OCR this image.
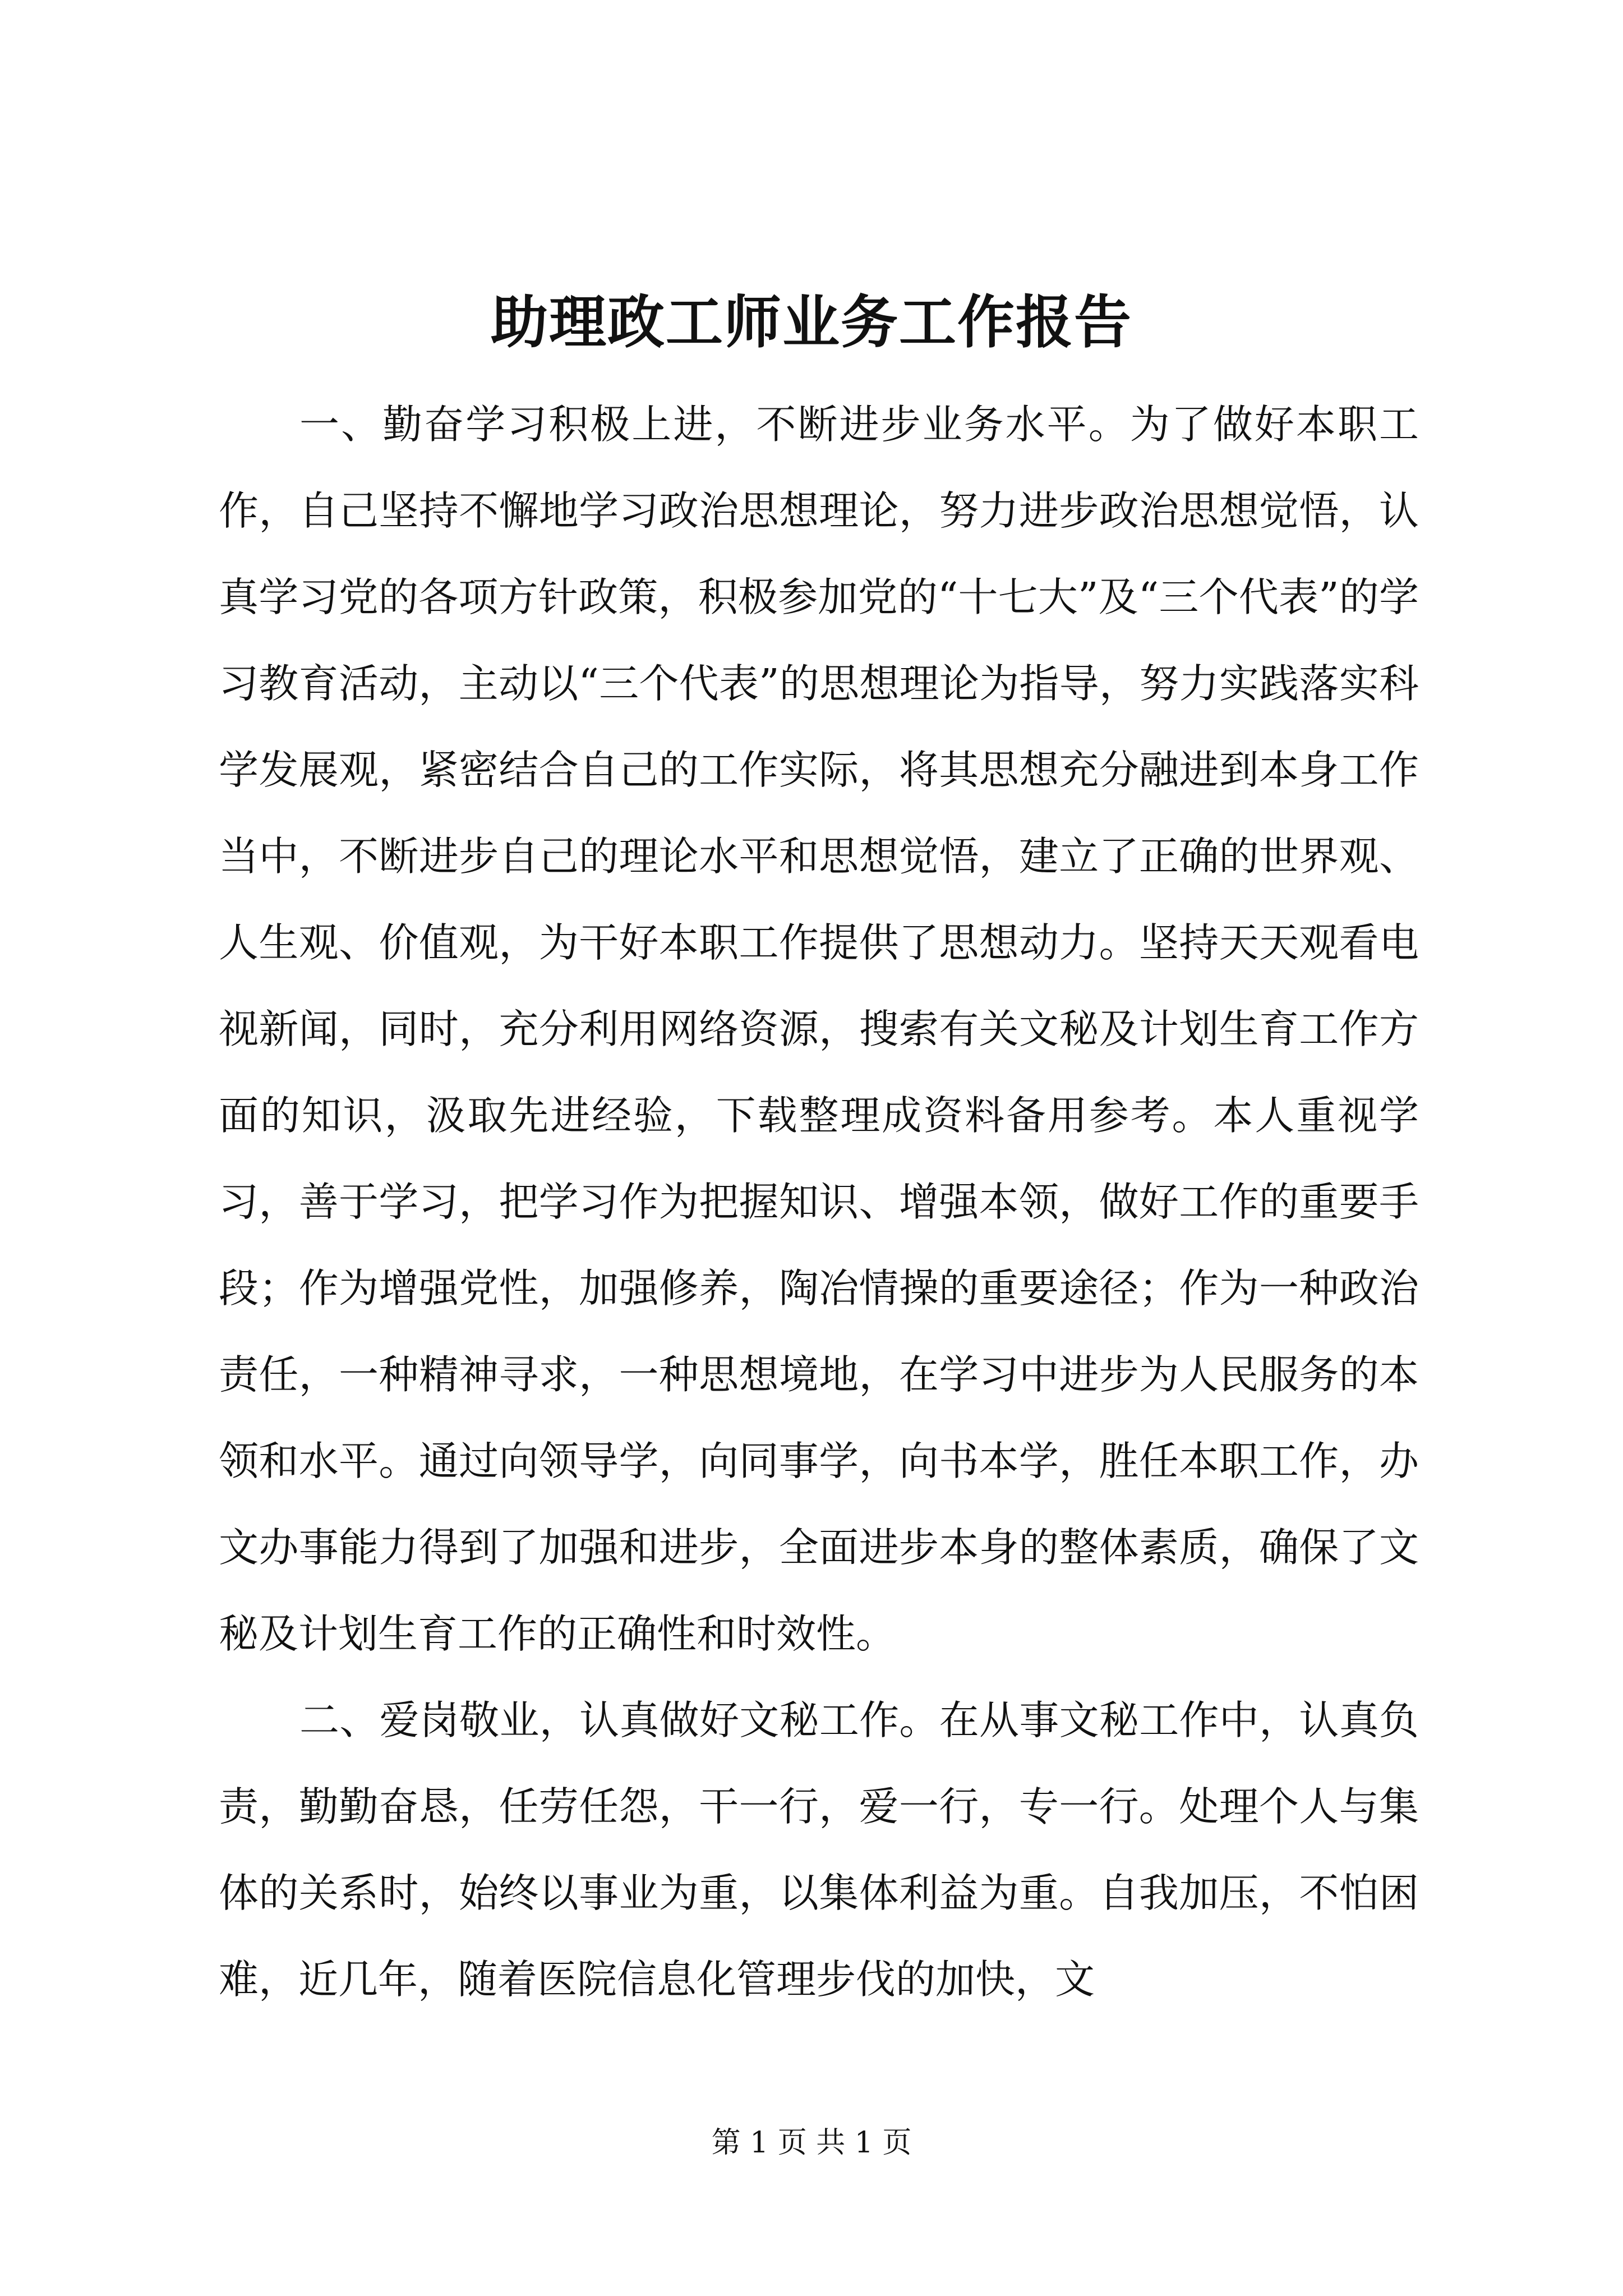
助理政工师业务工作报告

一、勤奋学习积极上进，不断进步业务水平。为了做好本职工作，自己坚持不懈地学习政治思想理论，努力进步政治思想觉悟，认真学习党的各项方针政策，积极参加党的“十七大”及“三个代表”的学习教育活动，主动以“三个代表”的思想理论为指导，努力实践落实科学发展观，紧密结合自己的工作实际，将其思想充分融进到本身工作当中，不断进步自己的理论水平和思想觉悟，建立了正确的世界观、人生观、价值观，为干好本职工作提供了思想动力。坚持天天观看电视新闻，同时，充分利用网络资源，搜索有关文秘及计划生育工作方面的知识，汲取先进经验，下载整理成资料备用参考。本人重视学习，善于学习，把学习作为把握知识、增强本领，做好工作的重要手段；作为增强党性，加强修养，陶冶情操的重要途径；作为一种政治责任，一种精神寻求，一种思想境地，在学习中进步为人民服务的本领和水平。通过向领导学，向同事学，向书本学，胜任本职工作，办文办事能力得到了加强和进步，全面进步本身的整体素质，确保了文秘及计划生育工作的正确性和时效性。

二、爱岗敬业，认真做好文秘工作。在从事文秘工作中，认真负责，勤勤奋恳，任劳任怨，干一行，爱一行，专一行。处理个人与集体的关系时，始终以事业为重，以集体利益为重。自我加压，不怕困难，近几年，随着医院信息化管理步伐的加快，文

第 1 页 共 1 页
